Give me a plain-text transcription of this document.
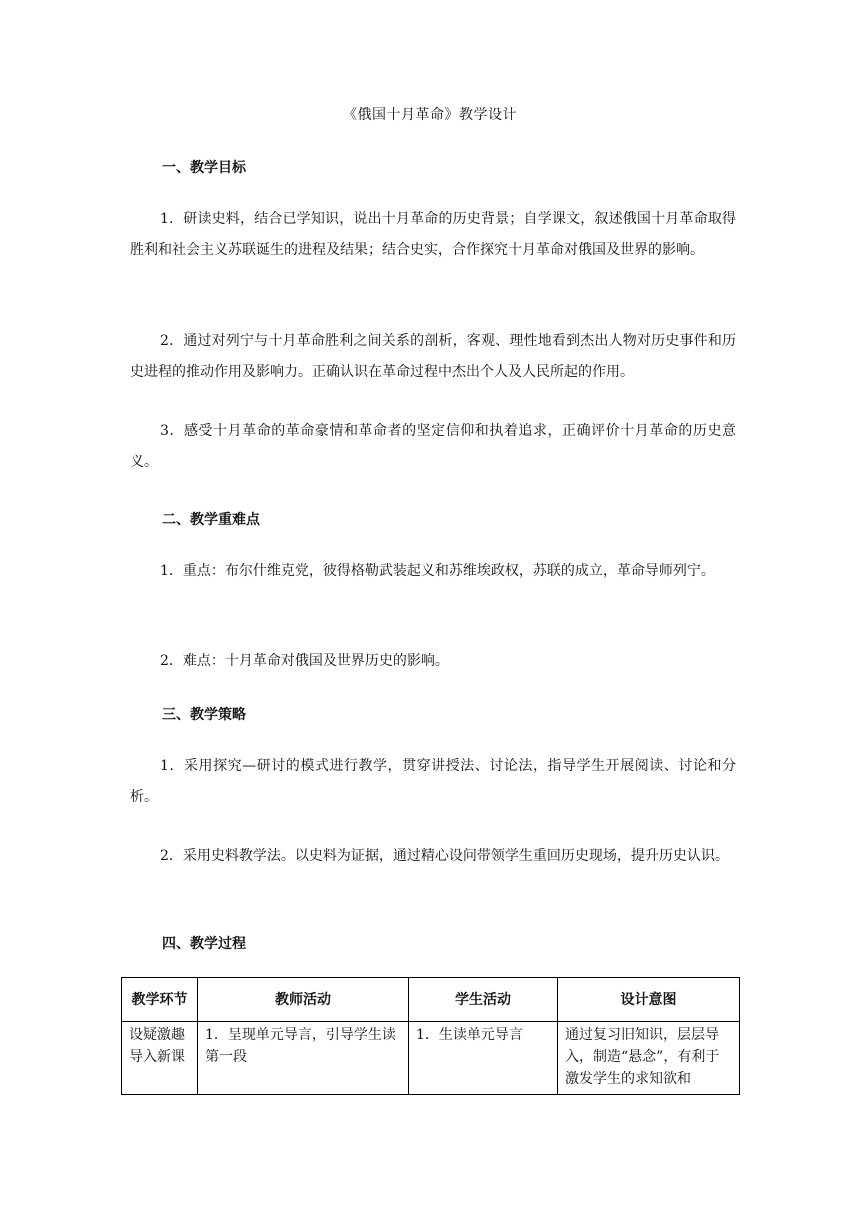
《俄国十月革命》教学设计
一、教学目标
1．研读史料，结合已学知识，说出十月革命的历史背景；自学课文，叙述俄国十月革命取得胜利和社会主义苏联诞生的进程及结果；结合史实，合作探究十月革命对俄国及世界的影响。
2．通过对列宁与十月革命胜利之间关系的剖析，客观、理性地看到杰出人物对历史事件和历史进程的推动作用及影响力。正确认识在革命过程中杰出个人及人民所起的作用。
3．感受十月革命的革命豪情和革命者的坚定信仰和执着追求，正确评价十月革命的历史意义。
二、教学重难点
1．重点：布尔什维克党，彼得格勒武装起义和苏维埃政权，苏联的成立，革命导师列宁。
2．难点：十月革命对俄国及世界历史的影响。
三、教学策略
1．采用探究—研讨的模式进行教学，贯穿讲授法、讨论法，指导学生开展阅读、讨论和分析。
2．采用史料教学法。以史料为证据，通过精心设问带领学生重回历史现场，提升历史认识。
四、教学过程
教学环节	教师活动	学生活动	设计意图
设疑激趣导入新课	1．呈现单元导言，引导学生读第一段	1．生读单元导言	通过复习旧知识，层层导入，制造“悬念”，有利于激发学生的求知欲和
